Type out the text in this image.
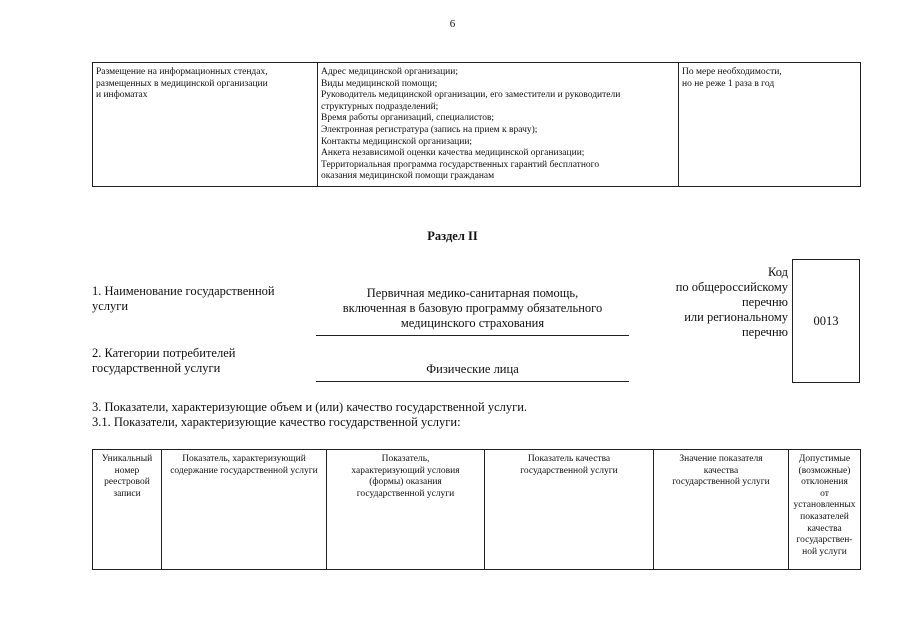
6
Размещение на информационных стендах,
размещенных в медицинской организации
и инфоматах

Адрес медицинской организации;
Виды медицинской помощи;
Руководитель медицинской организации, его заместители и руководители
структурных подразделений;
Время работы организаций, специалистов;
Электронная регистратура (запись на прием к врачу);
Контакты медицинской организации;
Анкета независимой оценки качества медицинской организации;
Территориальная программа государственных гарантий бесплатного
оказания медицинской помощи гражданам

По мере необходимости,
но не реже 1 раза в год
Раздел II
1. Наименование государственной
услуги
Первичная медико-санитарная помощь,
включенная в базовую программу обязательного
медицинского страхования
2. Категории потребителей
государственной услуги	Физические лица
Код
по общероссийскому
перечню
или региональному
перечню
0013
3. Показатели, характеризующие объем и (или) качество государственной услуги.
3.1. Показатели, характеризующие качество государственной услуги:
Уникальный
номер
реестровой
записи

Показатель, характеризующий
содержание государственной услуги

Показатель,
характеризующий условия
(формы) оказания
государственной услуги

Показатель качества
государственной услуги

Значение показателя
качества
государственной услуги

Допустимые
(возможные)
отклонения
от
установленных
показателей
качества
государствен-
ной услуги
